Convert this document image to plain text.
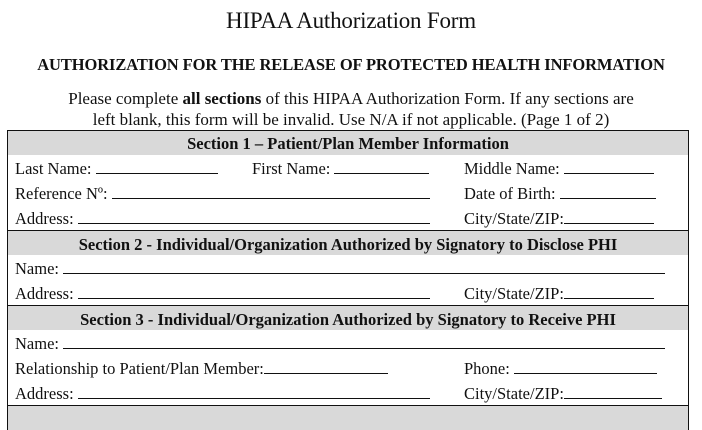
HIPAA Authorization Form
AUTHORIZATION FOR THE RELEASE OF PROTECTED HEALTH INFORMATION
Please complete all sections of this HIPAA Authorization Form. If any sections are
left blank, this form will be invalid. Use N/A if not applicable. (Page 1 of 2)
Section 1 – Patient/Plan Member Information
Last Name:	First Name:	Middle Name:
Reference Nº:	Date of Birth:
Address:	City/State/ZIP:
Section 2 - Individual/Organization Authorized by Signatory to Disclose PHI
Name:
Address:	City/State/ZIP:
Section 3 - Individual/Organization Authorized by Signatory to Receive PHI
Name:
Relationship to Patient/Plan Member:	Phone:
Address:	City/State/ZIP:
